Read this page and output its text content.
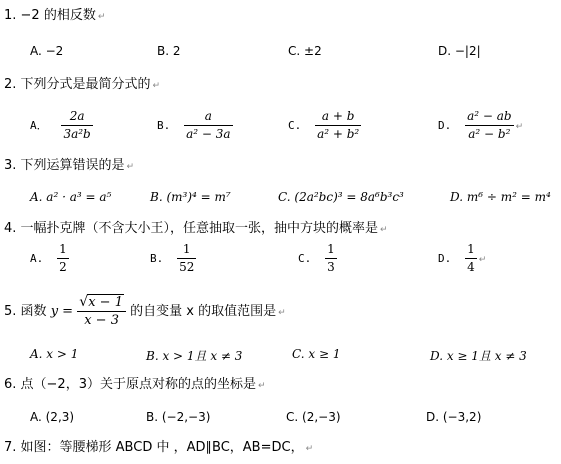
1. −2 的相反数 ↵
A. −2	B. 2	C. ±2	D. −|2|
2. 下列分式是最简分式的 ↵
A． $\frac{2a}{\text{3a²b}}$	B. $\frac{a}{\text{a² − 3a}}$	C. $\frac{a + b}{\text{a² + b²}}$	D. $\frac{\text{a² − ab}}{\text{a² − b²}}$ ↵
3. 下列运算错误的是 ↵
A. a² · a³ = a⁵	B. (m³)⁴ = m⁷	C. (2a²bc)³ = 8a⁶b³c³	D. m⁶ ÷ m² = m⁴
4. 一幅扑克牌（不含大小王），任意抽取一张，抽中方块的概率是 ↵
A. $\frac{1}{2}$	B. $\frac{1}{52}$	C. $\frac{1}{3}$	D. $\frac{1}{4}$ ↵
5. 函数 $y = \frac{√ x - 1}{x - 3}$ 的自变量 x 的取值范围是 ↵
A. x > 1	B. x > 1且 x ≠ 3	C. x ≥ 1	D. x ≥ 1且 x ≠ 3
6. 点（−2，3）关于原点对称的点的坐标是 ↵
A. (2,3)	B. (−2,−3)	C. (2,−3)	D. (−3,2)
7. 如图：等腰梯形 ABCD 中 ，AD∥BC，AB=DC， ↵
